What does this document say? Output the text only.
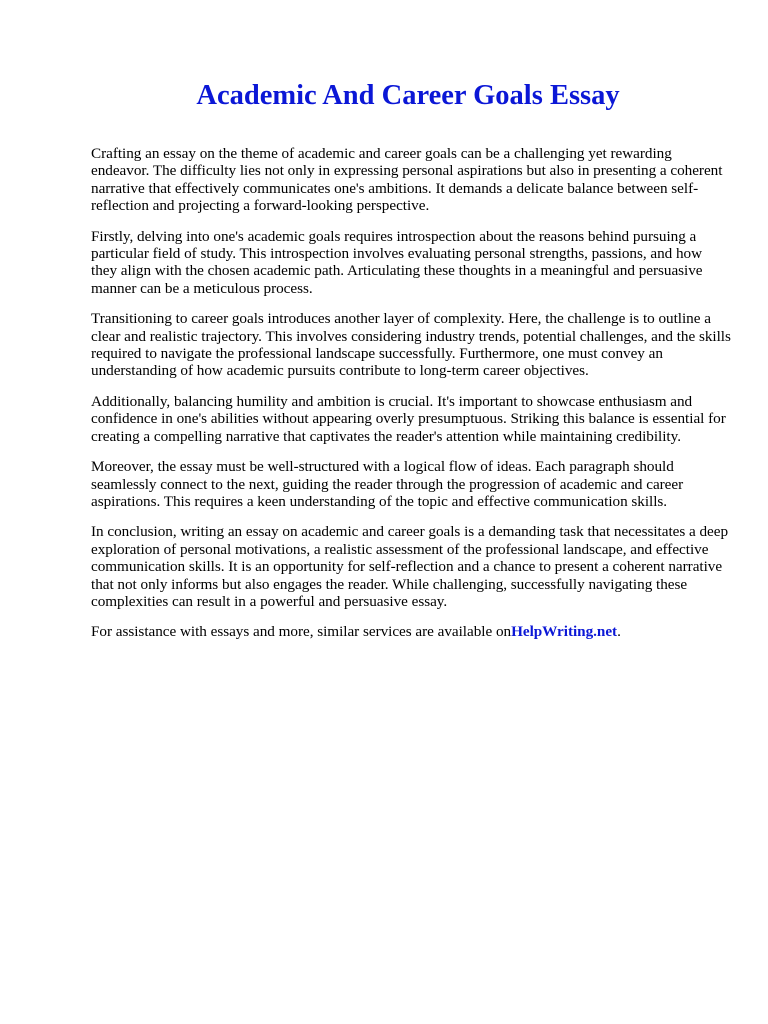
Academic And Career Goals Essay

Crafting an essay on the theme of academic and career goals can be a challenging yet rewarding endeavor. The difficulty lies not only in expressing personal aspirations but also in presenting a coherent narrative that effectively communicates one's ambitions. It demands a delicate balance between self-reflection and projecting a forward-looking perspective.

Firstly, delving into one's academic goals requires introspection about the reasons behind pursuing a particular field of study. This introspection involves evaluating personal strengths, passions, and how they align with the chosen academic path. Articulating these thoughts in a meaningful and persuasive manner can be a meticulous process.

Transitioning to career goals introduces another layer of complexity. Here, the challenge is to outline a clear and realistic trajectory. This involves considering industry trends, potential challenges, and the skills required to navigate the professional landscape successfully. Furthermore, one must convey an understanding of how academic pursuits contribute to long-term career objectives.

Additionally, balancing humility and ambition is crucial. It's important to showcase enthusiasm and confidence in one's abilities without appearing overly presumptuous. Striking this balance is essential for creating a compelling narrative that captivates the reader's attention while maintaining credibility.

Moreover, the essay must be well-structured with a logical flow of ideas. Each paragraph should seamlessly connect to the next, guiding the reader through the progression of academic and career aspirations. This requires a keen understanding of the topic and effective communication skills.

In conclusion, writing an essay on academic and career goals is a demanding task that necessitates a deep exploration of personal motivations, a realistic assessment of the professional landscape, and effective communication skills. It is an opportunity for self-reflection and a chance to present a coherent narrative that not only informs but also engages the reader. While challenging, successfully navigating these complexities can result in a powerful and persuasive essay.

For assistance with essays and more, similar services are available onHelpWriting.net.
